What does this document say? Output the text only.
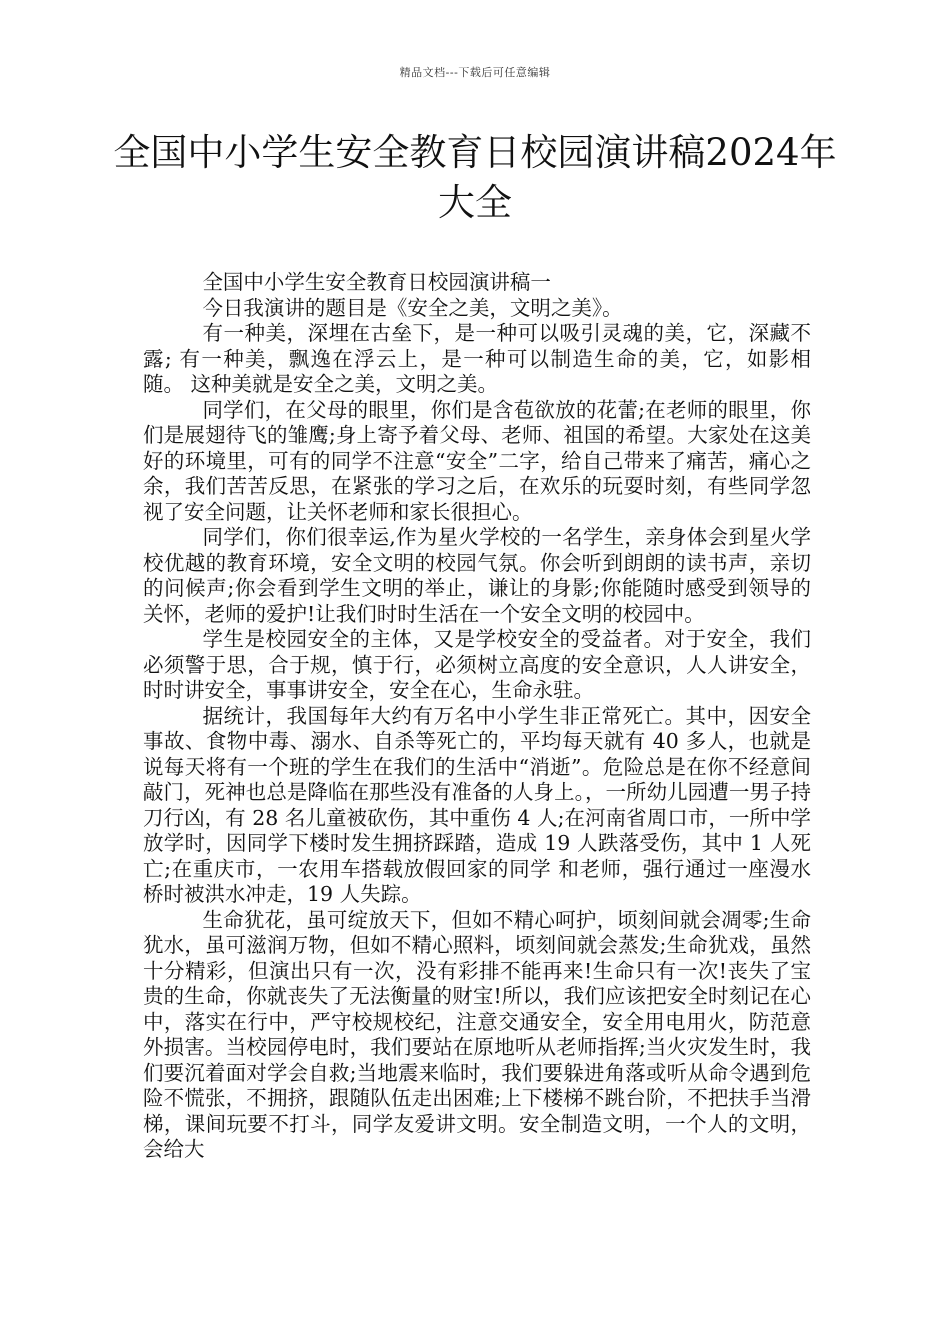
精品文档---下载后可任意编辑
全国中小学生安全教育日校园演讲稿2024年大全

全国中小学生安全教育日校园演讲稿一

今日我演讲的题目是《安全之美，文明之美》。

有一种美，深埋在古垒下，是一种可以吸引灵魂的美，它，深藏不露; 有一种美，飘逸在浮云上，是一种可以制造生命的美，它，如影相随。 这种美就是安全之美，文明之美。

同学们，在父母的眼里，你们是含苞欲放的花蕾;在老师的眼里，你们是展翅待飞的雏鹰;身上寄予着父母、老师、祖国的希望。大家处在这美好的环境里，可有的同学不注意“安全”二字，给自己带来了痛苦，痛心之余，我们苦苦反思，在紧张的学习之后，在欢乐的玩耍时刻，有些同学忽视了安全问题，让关怀老师和家长很担心。

同学们，你们很幸运,作为星火学校的一名学生，亲身体会到星火学校优越的教育环境，安全文明的校园气氛。你会听到朗朗的读书声，亲切的问候声;你会看到学生文明的举止，谦让的身影;你能随时感受到领导的关怀，老师的爱护!让我们时时生活在一个安全文明的校园中。

学生是校园安全的主体，又是学校安全的受益者。对于安全，我们必须警于思，合于规，慎于行，必须树立高度的安全意识，人人讲安全，时时讲安全，事事讲安全，安全在心，生命永驻。

据统计，我国每年大约有万名中小学生非正常死亡。其中，因安全事故、食物中毒、溺水、自杀等死亡的，平均每天就有 40 多人，也就是说每天将有一个班的学生在我们的生活中“消逝”。危险总是在你不经意间敲门，死神也总是降临在那些没有准备的人身上。，一所幼儿园遭一男子持刀行凶，有 28 名儿童被砍伤，其中重伤 4 人;在河南省周口市，一所中学放学时，因同学下楼时发生拥挤踩踏，造成 19 人跌落受伤，其中 1 人死亡;在重庆市，一农用车搭载放假回家的同学 和老师，强行通过一座漫水桥时被洪水冲走，19 人失踪。

生命犹花，虽可绽放天下，但如不精心呵护，顷刻间就会凋零;生命犹水，虽可滋润万物，但如不精心照料，顷刻间就会蒸发;生命犹戏，虽然十分精彩，但演出只有一次，没有彩排不能再来!生命只有一次!丧失了宝贵的生命，你就丧失了无法衡量的财宝!所以，我们应该把安全时刻记在心中，落实在行中，严守校规校纪，注意交通安全，安全用电用火，防范意外损害。当校园停电时，我们要站在原地听从老师指挥;当火灾发生时，我们要沉着面对学会自救;当地震来临时，我们要躲进角落或听从命令遇到危险不慌张，不拥挤，跟随队伍走出困难;上下楼梯不跳台阶，不把扶手当滑梯，课间玩要不打斗，同学友爱讲文明。安全制造文明，一个人的文明，会给大
